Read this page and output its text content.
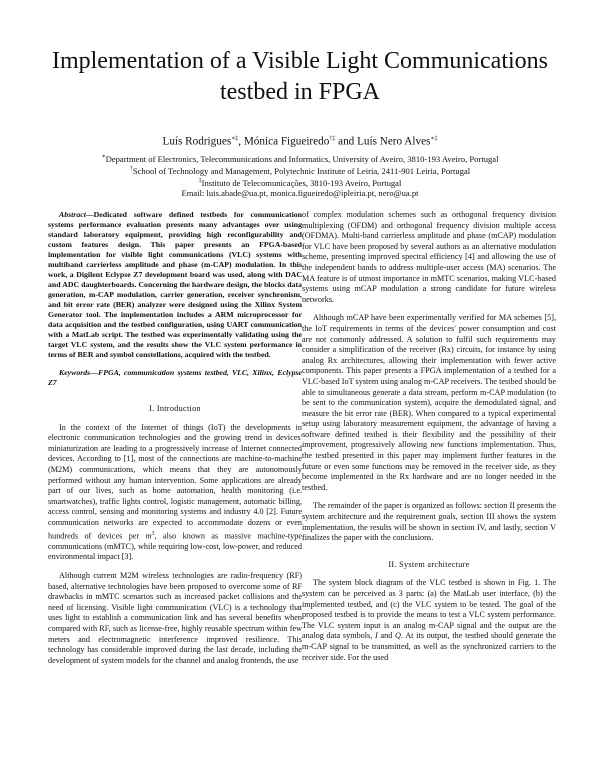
Implementation of a Visible Light Communications testbed in FPGA
Luís Rodrigues∗‡, Mónica Figueiredo†‡ and Luís Nero Alves∗‡
∗Department of Electronics, Telecommunications and Informatics, University of Aveiro, 3810-193 Aveiro, Portugal
†School of Technology and Management, Polytechnic Institute of Leiria, 2411-901 Leiria, Portugal
‡Instituto de Telecomunicações, 3810-193 Aveiro, Portugal
Email: luis.abade@ua.pt, monica.figueiredo@ipleiria.pt, nero@ua.pt

Abstract—Dedicated software defined testbeds for communication systems performance evaluation presents many advantages over using standard laboratory equipment, providing high reconfigurability and custom features design. This paper presents an FPGA-based implementation for visible light communications (VLC) systems with multiband carrierless amplitude and phase (m-CAP) modulation. In this work, a Digilent Eclypse Z7 development board was used, along with DAC and ADC daughterboards. Concerning the hardware design, the blocks data generation, m-CAP modulation, carrier generation, receiver synchronism, and bit error rate (BER) analyzer were designed using the Xilinx System Generator tool. The implementation includes a ARM microprocessor for data acquisition and the testbed configuration, using UART communication with a MatLab script. The testbed was experimentally validating using the target VLC system, and the results show the VLC system performance in terms of BER and symbol constellations, acquired with the testbed.

Keywords—FPGA, communication systems testbed, VLC, Xilinx, Eclypse Z7

I. Introduction

In the context of the Internet of things (IoT) the developments in electronic communication technologies and the growing trend in devices' miniaturization are leading to a progressively increase of Internet connected devices. According to [1], most of the connections are machine-to-machine (M2M) communications, which means that they are autonomously performed without any human intervention. Some applications are already part of our lives, such as home automation, health monitoring (i.e. smartwatches), traffic lights control, logistic management, automatic billing, access control, sensing and monitoring systems and industry 4.0 [2]. Future communication networks are expected to accommodate dozens or even hundreds of devices per $m^3$, also known as massive machine-type communications (mMTC), while requiring low-cost, low-power, and reduced environmental impact [3].

Although current M2M wireless technologies are radio-frequency (RF) based, alternative technologies have been proposed to overcome some of RF drawbacks in mMTC scenarios such as increased packet collisions and the need of licensing. Visible light communication (VLC) is a technology that uses light to establish a communication link and has several benefits when compared with RF, such as license-free, highly reusable spectrum within few meters and electromagnetic interference improved resilience. This technology has considerable improved during the last decade, including the development of system models for the channel and analog frontends, the use

of complex modulation schemes such as orthogonal frequency division multiplexing (OFDM) and orthogonal frequency division multiple access (OFDMA). Multi-band carrierless amplitude and phase (mCAP) modulation for VLC have been proposed by several authors as an alternative modulation scheme, presenting improved spectral efficiency [4] and allowing the use of the independent bands to address multiple-user access (MA) scenarios. The MA feature is of utmost importance in mMTC scenarios, making VLC-based systems using mCAP modulation a strong candidate for future wireless networks.

Although mCAP have been experimentally verified for MA schemes [5], the IoT requirements in terms of the devices' power consumption and cost are not commonly addressed. A solution to fulfil such requirements may consider a simplification of the receiver (Rx) circuits, for instance by using analog Rx architectures, allowing their implementation with fewer active components. This paper presents a FPGA implementation of a testbed for a VLC-based IoT system using analog m-CAP receivers. The testbed should be able to simultaneous generate a data stream, perform m-CAP modulation (to be sent to the communication system), acquire the demodulated signal, and measure the bit error rate (BER). When compared to a typical experimental setup using laboratory measurement equipment, the advantage of having a software defined testbed is their flexibility and the possibility of their improvement, progressively allowing new functions implementation. Thus, the testbed presented in this paper may implement further features in the future or even some functions may be removed in the receiver side, as they become implemented in the Rx hardware and are no longer needed in the testbed.

The remainder of the paper is organized as follows: section II presents the system architecture and the requirement goals, section III shows the system implementation, the results will be shown in section IV, and lastly, section V finalizes the paper with the conclusions.

II. System architecture

The system block diagram of the VLC testbed is shown in Fig. 1. The system can be perceived as 3 parts: (a) the MatLab user interface, (b) the implemented testbed, and (c) the VLC system to be tested. The goal of the proposed testbed is to provide the means to test a VLC system performance. The VLC system input is an analog m-CAP signal and the output are the analog data symbols, I and Q. At its output, the testbed should generate the m-CAP signal to be transmitted, as well as the synchronized carriers to the receiver side. For the used
